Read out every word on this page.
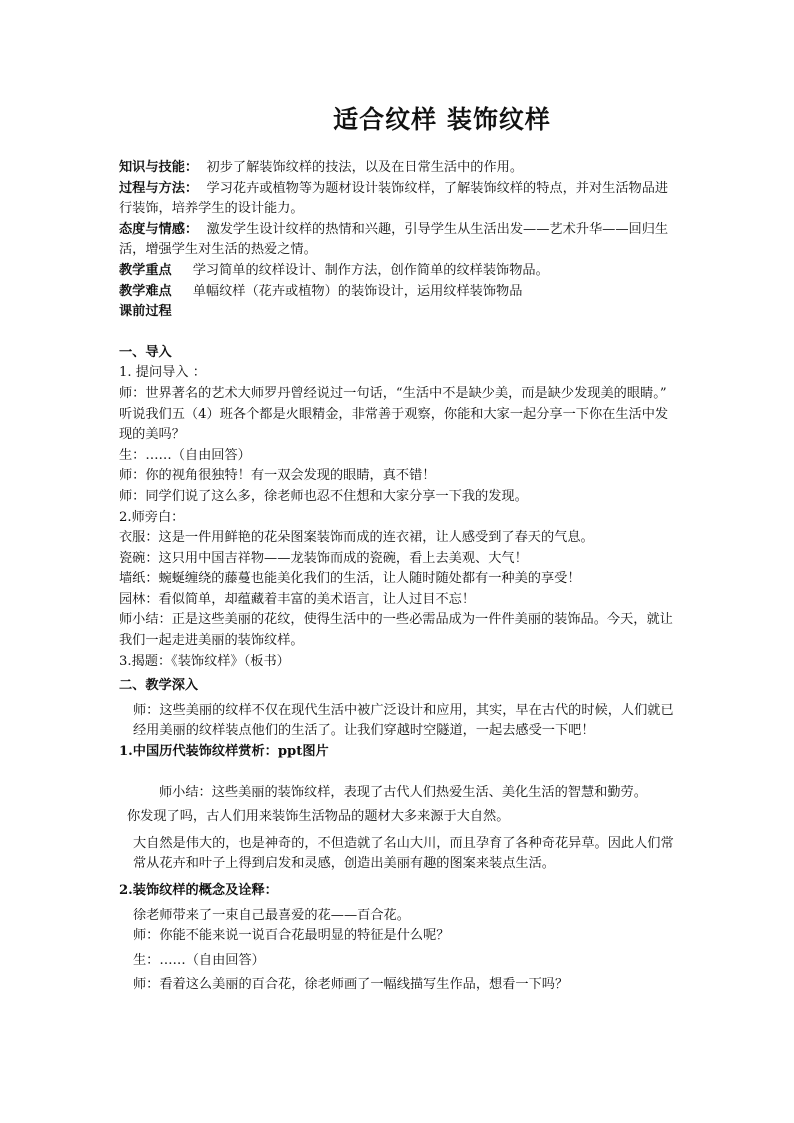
适合纹样 装饰纹样

知识与技能： 初步了解装饰纹样的技法，以及在日常生活中的作用。

过程与方法： 学习花卉或植物等为题材设计装饰纹样，了解装饰纹样的特点，并对生活物品进行装饰，培养学生的设计能力。

态度与情感： 激发学生设计纹样的热情和兴趣，引导学生从生活出发——艺术升华——回归生活，增强学生对生活的热爱之情。

教学重点 学习简单的纹样设计、制作方法，创作简单的纹样装饰物品。

教学难点 单幅纹样（花卉或植物）的装饰设计，运用纹样装饰物品

课前过程

一、导入

1. 提问导入 ：

师：世界著名的艺术大师罗丹曾经说过一句话，“生活中不是缺少美，而是缺少发现美的眼睛。”

听说我们五（4）班各个都是火眼精金，非常善于观察，你能和大家一起分享一下你在生活中发现的美吗？

生：……（自由回答）

师：你的视角很独特！有一双会发现的眼睛，真不错！

师：同学们说了这么多，徐老师也忍不住想和大家分享一下我的发现。

2.师旁白：

衣服：这是一件用鲜艳的花朵图案装饰而成的连衣裙，让人感受到了春天的气息。

瓷碗：这只用中国吉祥物——龙装饰而成的瓷碗，看上去美观、大气！

墙纸：蜿蜒缠绕的藤蔓也能美化我们的生活，让人随时随处都有一种美的享受！

园林：看似简单，却蕴藏着丰富的美术语言，让人过目不忘！

师小结：正是这些美丽的花纹，使得生活中的一些必需品成为一件件美丽的装饰品。今天，就让我们一起走进美丽的装饰纹样。

3.揭题：《装饰纹样》（板书）

二、教学深入

师：这些美丽的纹样不仅在现代生活中被广泛设计和应用，其实，早在古代的时候，人们就已经用美丽的纹样装点他们的生活了。让我们穿越时空隧道，一起去感受一下吧！

1.中国历代装饰纹样赏析：ppt图片

师小结：这些美丽的装饰纹样，表现了古代人们热爱生活、美化生活的智慧和勤劳。

你发现了吗，古人们用来装饰生活物品的题材大多来源于大自然。

大自然是伟大的，也是神奇的，不但造就了名山大川，而且孕育了各种奇花异草。因此人们常常从花卉和叶子上得到启发和灵感，创造出美丽有趣的图案来装点生活。

2.装饰纹样的概念及诠释：

徐老师带来了一束自己最喜爱的花——百合花。

师：你能不能来说一说百合花最明显的特征是什么呢？

生：……（自由回答）

师：看着这么美丽的百合花，徐老师画了一幅线描写生作品，想看一下吗？
